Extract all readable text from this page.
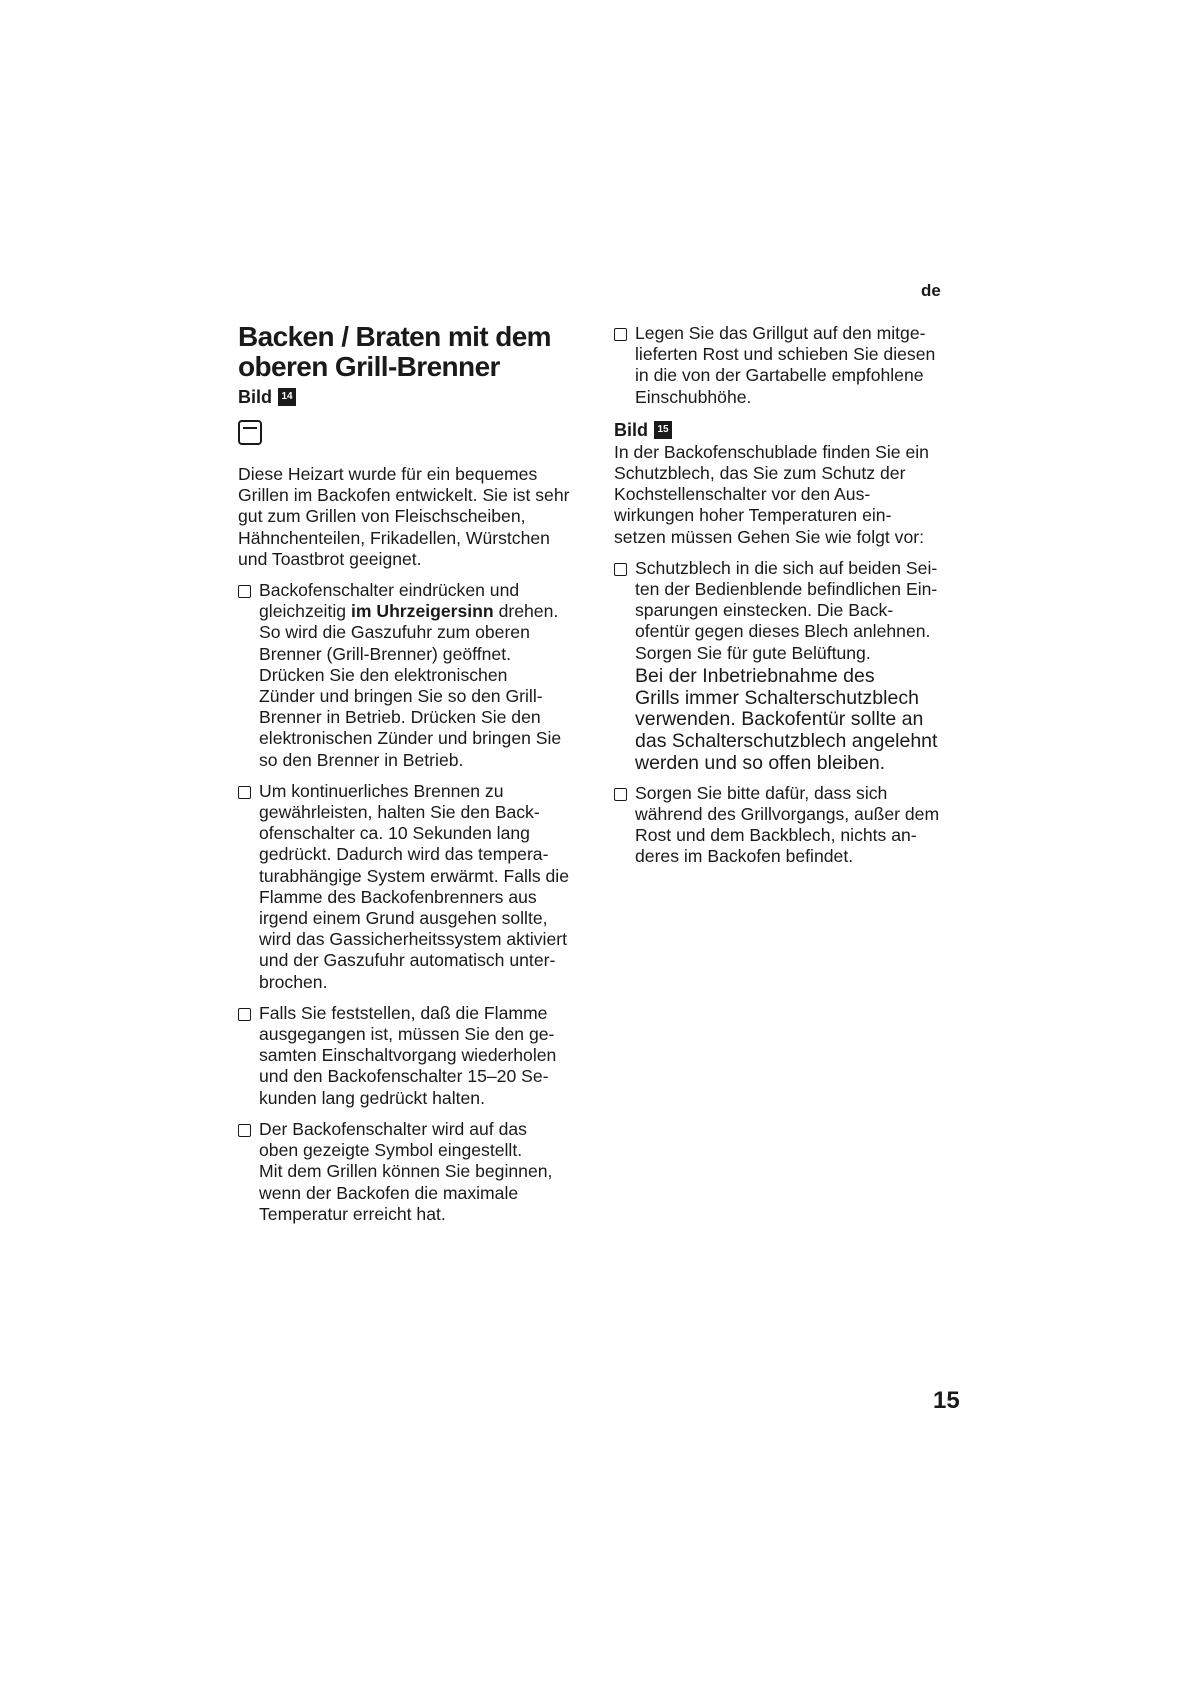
de
Backen / Braten mit dem
oberen Grill-Brenner
Bild 14

Diese Heizart wurde für ein bequemes
Grillen im Backofen entwickelt. Sie ist sehr
gut zum Grillen von Fleischscheiben,
Hähnchenteilen, Frikadellen, Würstchen
und Toastbrot geeignet.

Backofenschalter eindrücken und
gleichzeitig im Uhrzeigersinn drehen.
So wird die Gaszufuhr zum oberen
Brenner (Grill-Brenner) geöffnet.
Drücken Sie den elektronischen
Zünder und bringen Sie so den Grill-
Brenner in Betrieb. Drücken Sie den
elektronischen Zünder und bringen Sie
so den Brenner in Betrieb.
Um kontinuerliches Brennen zu
gewährleisten, halten Sie den Back-
ofenschalter ca. 10 Sekunden lang
gedrückt. Dadurch wird das tempera-
turabhängige System erwärmt. Falls die
Flamme des Backofenbrenners aus
irgend einem Grund ausgehen sollte,
wird das Gassicherheitssystem aktiviert
und der Gaszufuhr automatisch unter-
brochen.
Falls Sie feststellen, daß die Flamme
ausgegangen ist, müssen Sie den ge-
samten Einschaltvorgang wiederholen
und den Backofenschalter 15–20 Se-
kunden lang gedrückt halten.
Der Backofenschalter wird auf das
oben gezeigte Symbol eingestellt.
Mit dem Grillen können Sie beginnen,
wenn der Backofen die maximale
Temperatur erreicht hat.
Legen Sie das Grillgut auf den mitge-
lieferten Rost und schieben Sie diesen
in die von der Gartabelle empfohlene
Einschubhöhe.
Bild 15

In der Backofenschublade finden Sie ein
Schutzblech, das Sie zum Schutz der
Kochstellenschalter vor den Aus-
wirkungen hoher Temperaturen ein-
setzen müssen Gehen Sie wie folgt vor:

Schutzblech in die sich auf beiden Sei-
ten der Bedienblende befindlichen Ein-
sparungen einstecken. Die Back-
ofentür gegen dieses Blech anlehnen.
Sorgen Sie für gute Belüftung.
Bei der Inbetriebnahme des
Grills immer Schalterschutzblech
verwenden. Backofentür sollte an
das Schalterschutzblech angelehnt
werden und so offen bleiben.
Sorgen Sie bitte dafür, dass sich
während des Grillvorgangs, außer dem
Rost und dem Backblech, nichts an-
deres im Backofen befindet.
15
